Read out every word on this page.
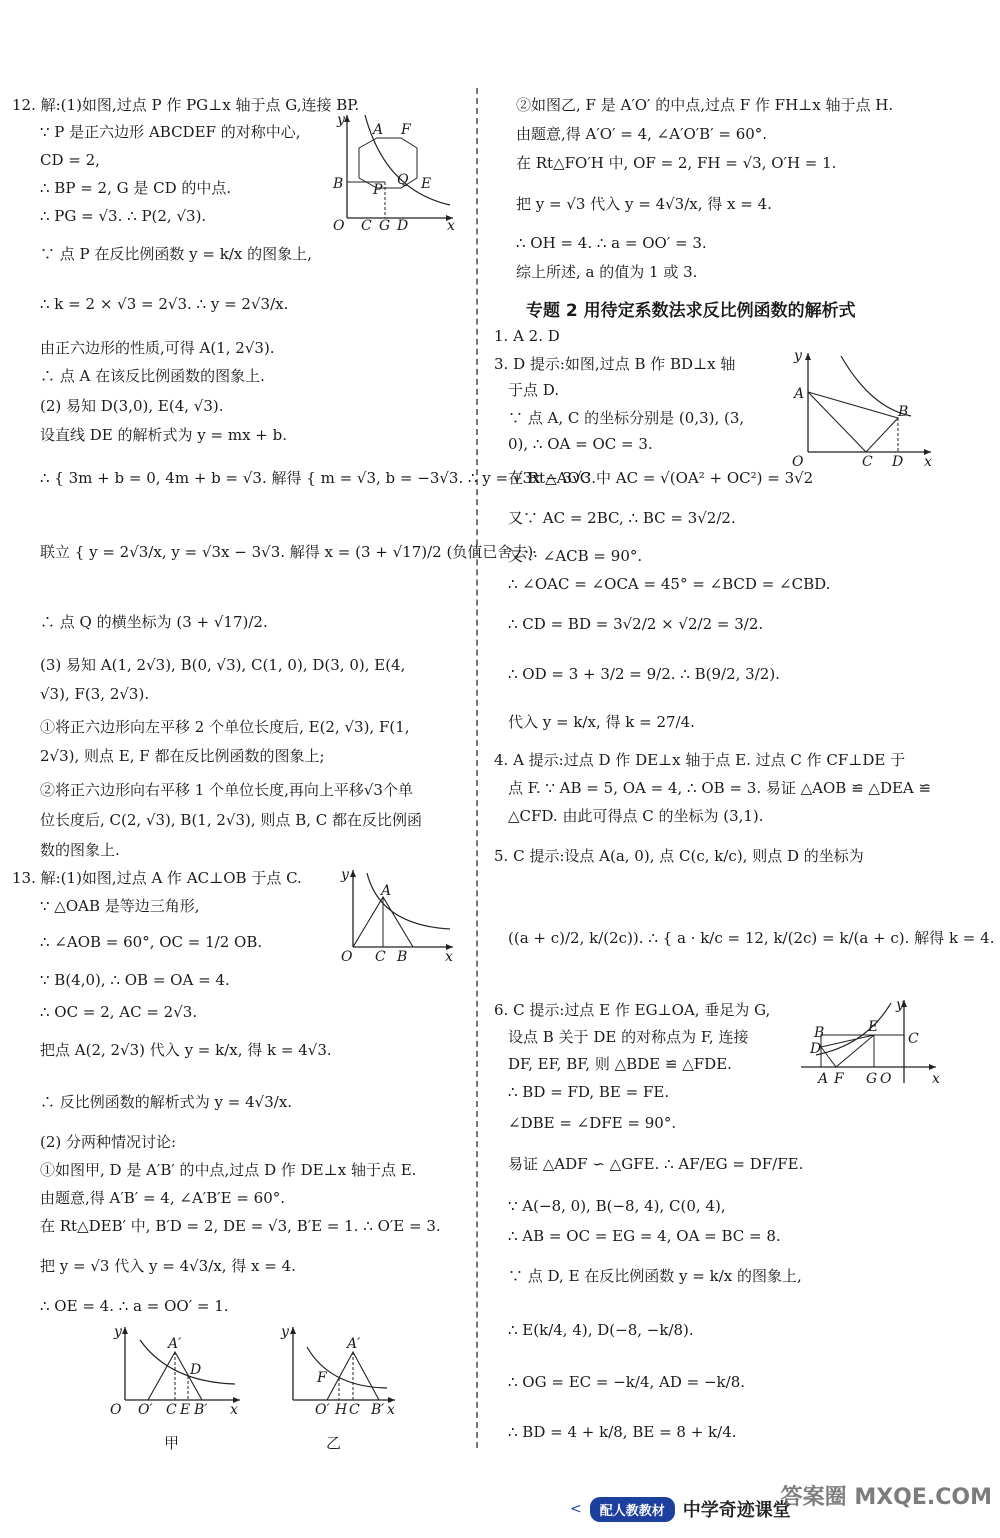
12. 解:(1)如图,过点 P 作 PG⊥x 轴于点 G,连接 BP.
∵ P 是正六边形 ABCDEF 的对称中心,
CD = 2,
∴ BP = 2, G 是 CD 的中点.
∴ PG = √3. ∴ P(2, √3).
∵ 点 P 在反比例函数 y = k/x 的图象上,
∴ k = 2 × √3 = 2√3. ∴ y = 2√3/x.
由正六边形的性质,可得 A(1, 2√3).
∴ 点 A 在该反比例函数的图象上.
(2) 易知 D(3,0), E(4, √3).
设直线 DE 的解析式为 y = mx + b.
∴ { 3m + b = 0, 4m + b = √3. 解得 { m = √3, b = −3√3. ∴ y = √3x − 3√3.
联立 { y = 2√3/x, y = √3x − 3√3. 解得 x = (3 + √17)/2 (负值已舍去).
∴ 点 Q 的横坐标为 (3 + √17)/2.
(3) 易知 A(1, 2√3), B(0, √3), C(1, 0), D(3, 0), E(4,
√3), F(3, 2√3).
①将正六边形向左平移 2 个单位长度后, E(2, √3), F(1,
2√3), 则点 E, F 都在反比例函数的图象上;
②将正六边形向右平移 1 个单位长度,再向上平移√3个单
位长度后, C(2, √3), B(1, 2√3), 则点 B, C 都在反比例函
数的图象上.
13. 解:(1)如图,过点 A 作 AC⊥OB 于点 C.
∵ △OAB 是等边三角形,
∴ ∠AOB = 60°, OC = 1/2 OB.
∵ B(4,0), ∴ OB = OA = 4.
∴ OC = 2, AC = 2√3.
把点 A(2, 2√3) 代入 y = k/x, 得 k = 4√3.
∴ 反比例函数的解析式为 y = 4√3/x.
(2) 分两种情况讨论:
①如图甲, D 是 A′B′ 的中点,过点 D 作 DE⊥x 轴于点 E.
由题意,得 A′B′ = 4, ∠A′B′E = 60°.
在 Rt△DEB′ 中, B′D = 2, DE = √3, B′E = 1. ∴ O′E = 3.
把 y = √3 代入 y = 4√3/x, 得 x = 4.
∴ OE = 4. ∴ a = OO′ = 1.
y
A F
B P
Q E
O C G D	x
y
A
O C B	x
y
A′
D
O O′ C E B′ x
甲
y
A′
F
O′ H C B′ x
乙
②如图乙, F 是 A′O′ 的中点,过点 F 作 FH⊥x 轴于点 H.
由题意,得 A′O′ = 4, ∠A′O′B′ = 60°.
在 Rt△FO′H 中, OF = 2, FH = √3, O′H = 1.
把 y = √3 代入 y = 4√3/x, 得 x = 4.
∴ OH = 4. ∴ a = OO′ = 3.
综上所述, a 的值为 1 或 3.
专题 2 用待定系数法求反比例函数的解析式
1. A 2. D
3. D 提示:如图,过点 B 作 BD⊥x 轴
于点 D.
∵ 点 A, C 的坐标分别是 (0,3), (3,
0), ∴ OA = OC = 3.
在 Rt△AOC 中 AC = √(OA² + OC²) = 3√2
又∵ AC = 2BC, ∴ BC = 3√2/2.
又∵ ∠ACB = 90°.
∴ ∠OAC = ∠OCA = 45° = ∠BCD = ∠CBD.
∴ CD = BD = 3√2/2 × √2/2 = 3/2.
∴ OD = 3 + 3/2 = 9/2. ∴ B(9/2, 3/2).
代入 y = k/x, 得 k = 27/4.
4. A 提示:过点 D 作 DE⊥x 轴于点 E. 过点 C 作 CF⊥DE 于
点 F. ∵ AB = 5, OA = 4, ∴ OB = 3. 易证 △AOB ≌ △DEA ≌
△CFD. 由此可得点 C 的坐标为 (3,1).
5. C 提示:设点 A(a, 0), 点 C(c, k/c), 则点 D 的坐标为
((a + c)/2, k/(2c)). ∴ { a · k/c = 12, k/(2c) = k/(a + c). 解得 k = 4.
6. C 提示:过点 E 作 EG⊥OA, 垂足为 G,
设点 B 关于 DE 的对称点为 F, 连接
DF, EF, BF, 则 △BDE ≌ △FDE.
∴ BD = FD, BE = FE.
∠DBE = ∠DFE = 90°.
易证 △ADF ∽ △GFE. ∴ AF/EG = DF/FE.
∵ A(−8, 0), B(−8, 4), C(0, 4),
∴ AB = OC = EG = 4, OA = BC = 8.
∵ 点 D, E 在反比例函数 y = k/x 的图象上,
∴ E(k/4, 4), D(−8, −k/8).
∴ OG = EC = −k/4, AD = −k/8.
∴ BD = 4 + k/8, BE = 8 + k/4.
y
A
B
O	C D x
y
B	E
C
D
A F G O	x
<	配人教教材	中学奇迹课堂
答案圈 MXQE.COM
